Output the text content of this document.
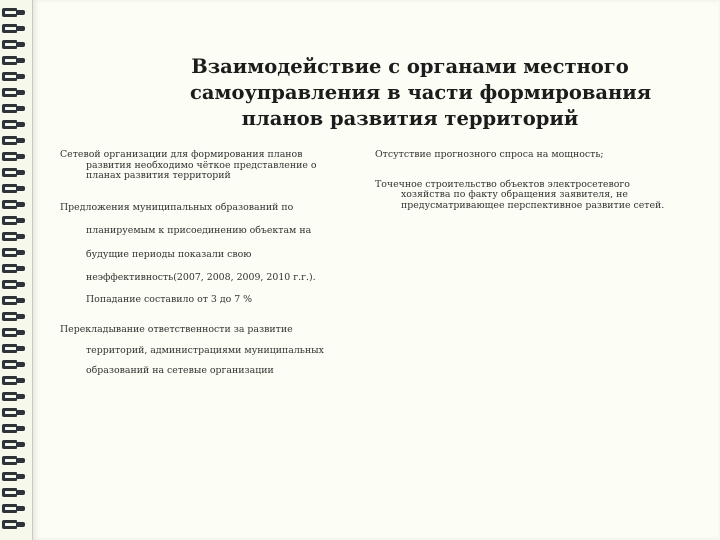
Взаимодействие с органами местного
самоуправления в части формирования
планов развития территорий
Сетевой организации для формирования планов
развития необходимо чёткое представление о
планах развития территорий
Предложения муниципальных образований по
планируемым к присоединению объектам на
будущие периоды показали свою
неэффективность(2007, 2008, 2009, 2010 г.г.).
Попадание составило от 3 до 7 %
Перекладывание ответственности за развитие
территорий, администрациями муниципальных
образований на сетевые организации
Отсутствие прогнозного спроса на мощность;
Точечное строительство объектов электросетевого
хозяйства по факту обращения заявителя, не
предусматривающее перспективное развитие сетей.
